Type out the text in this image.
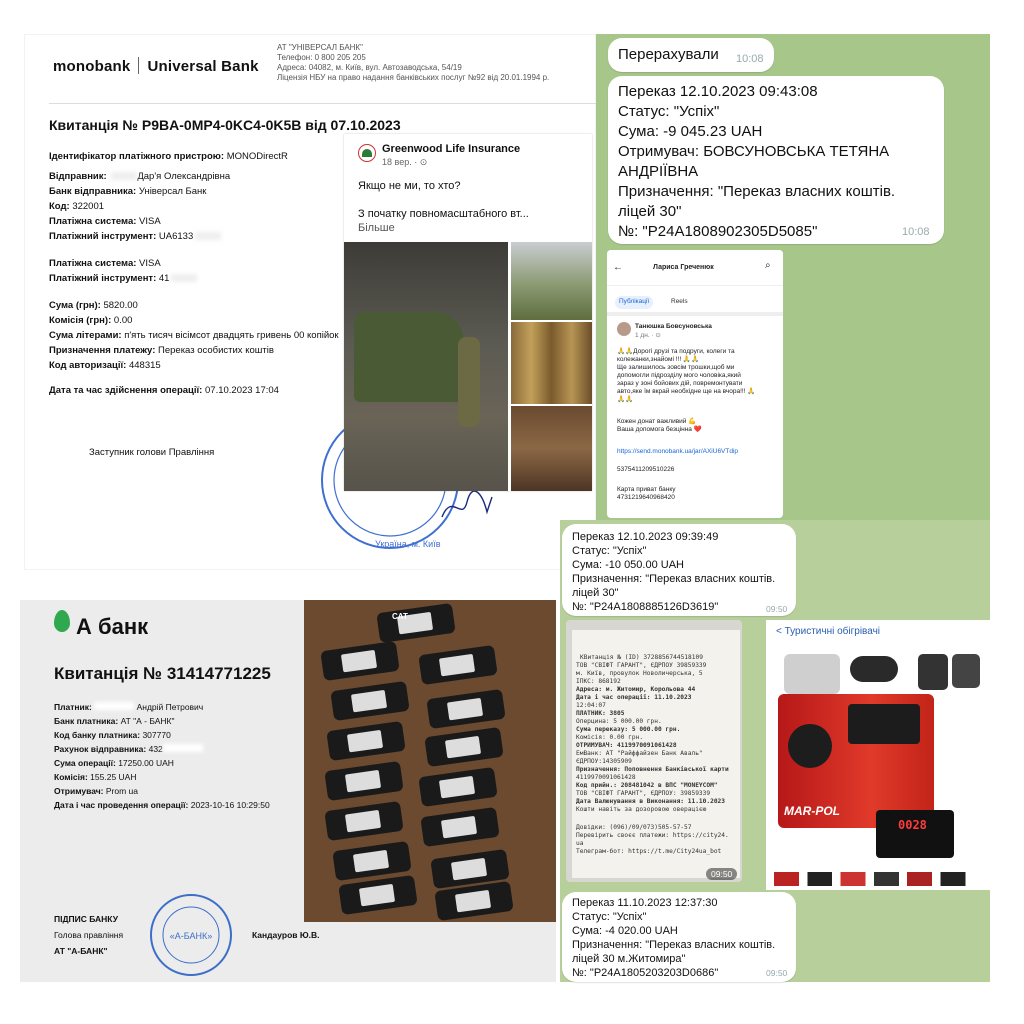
monobank Universal Bank
АТ "УНІВЕРСАЛ БАНК"
Телефон: 0 800 205 205
Адреса: 04082, м. Київ, вул. Автозаводська, 54/19
Ліцензія НБУ на право надання банківських послуг №92 від 20.01.1994 р.
Квитанція № P9BA-0MP4-0KC4-0K5B від 07.10.2023
Ідентифікатор платіжного пристрою: MONODirectR
Відправник:	Дар'я Олександрівна
Банк відправника: Універсал Банк
Код: 322001
Платіжна система: VISA
Платіжний інструмент: UA6133
Платіжна система: VISA
Платіжний інструмент: 41
Сума (грн): 5820.00
Комісія (грн): 0.00
Сума літерами: п'ять тисяч вісімсот двадцять гривень 00 копійок
Призначення платежу: Переказ особистих коштів
Код авторизації: 448315
Дата та час здійснення операції: 07.10.2023 17:04
Заступник голови Правління
Україна, м. Київ
Greenwood Life Insurance
18 вер. · ⊙
Якщо не ми, то хто?
З початку повномасштабного вт...
Більше
Перерахували 10:08
Переказ 12.10.2023 09:43:08
Статус: "Успіх"
Сума: -9 045.23 UAH
Отримувач: БОВСУНОВСЬКА ТЕТЯНА
АНДРІЇВНА
Призначення: "Переказ власних коштів.
ліцей 30"
№: "P24A1808902305D5085"	10:08
←	Лариса Греченюк	⌕
Публікації	Reels
Танюшка Бовсуновська
1 дн. · ⊙
🙏🙏Дорогі друзі та подруги, колеги та
колежанки,знайомі !!! 🙏🙏
Ще залишилось зовсім трошки,щоб ми
допомогли підрозділу мого чоловіка,який
зараз у зоні бойових дій, повремонтувати
авто,яке їм вкрай необхідне ще на вчора!!! 🙏
🙏🙏
Кожен донат важливий 💪
Ваша допомога безцінна ❤️
https://send.monobank.ua/jar/AXiU6VTdip
5375411209510226
Карта приват банку
4731219640968420
Переказ 12.10.2023 09:39:49
Статус: "Успіх"
Сума: -10 050.00 UAH
Призначення: "Переказ власних коштів.
ліцей 30"
№: "P24A1808885126D3619"	09:50
КВитанція № (ID) 3728856744518109
ТОВ "СВІФТ ГАРАНТ", ЄДРПОУ 39859339
м. Київ, провулок Новоличерська, 5
ІПКС: 868192
Адреса: м. Житомир, Корольова 44
Дата і час операції: 11.10.2023
12:04:07
ПЛАТНИК: 3805
Оперцина: 5 000.00 грн.
Сума переказу: 5 000.00 грн.
Комісія: 0.00 грн.
ОТРИМУВАЧ: 4119970091061428
ЕмВанк: АТ "Райффайзен Банк Аваль"
ЄДРПОУ:14305909
Призначення: Поповнення Банківської карти
4119970091061428
Код прийн.: 208481042 в ВПС "MONEYCOM"
ТОВ "СВІФТ ГАРАНТ", ЄДРПОУ: 39859339
Дата Валюнування в Виконання: 11.10.2023
Кошти навіть за дозоровою оверацією
Довідки: (096)/09/073)505-57-57
Перевірить своєє платежи: https://city24.
ua
Телеграм-бот: https://t.me/City24ua_bot
09:50
< Туристичні обігрівачі
MAR-POL
0028
Переказ 11.10.2023 12:37:30
Статус: "Успіх"
Сума: -4 020.00 UAH
Призначення: "Переказ власних коштів.
ліцей 30 м.Житомира"
№: "P24A1805203203D0686"	09:50
А банк
Квитанція № 31414771225
Платник:	Андрій Петрович
Банк платника: АТ "А - БАНК"
Код банку платника: 307770
Рахунок відправника: 432
Сума операції: 17250.00 UAH
Комісія: 155.25 UAH
Отримувач: Prom ua
Дата і час проведення операції: 2023-10-16 10:29:50
ПІДПИС БАНКУ
Голова правління
АТ "А-БАНК"
«А-БАНК»	Кандауров Ю.В.
CAT
